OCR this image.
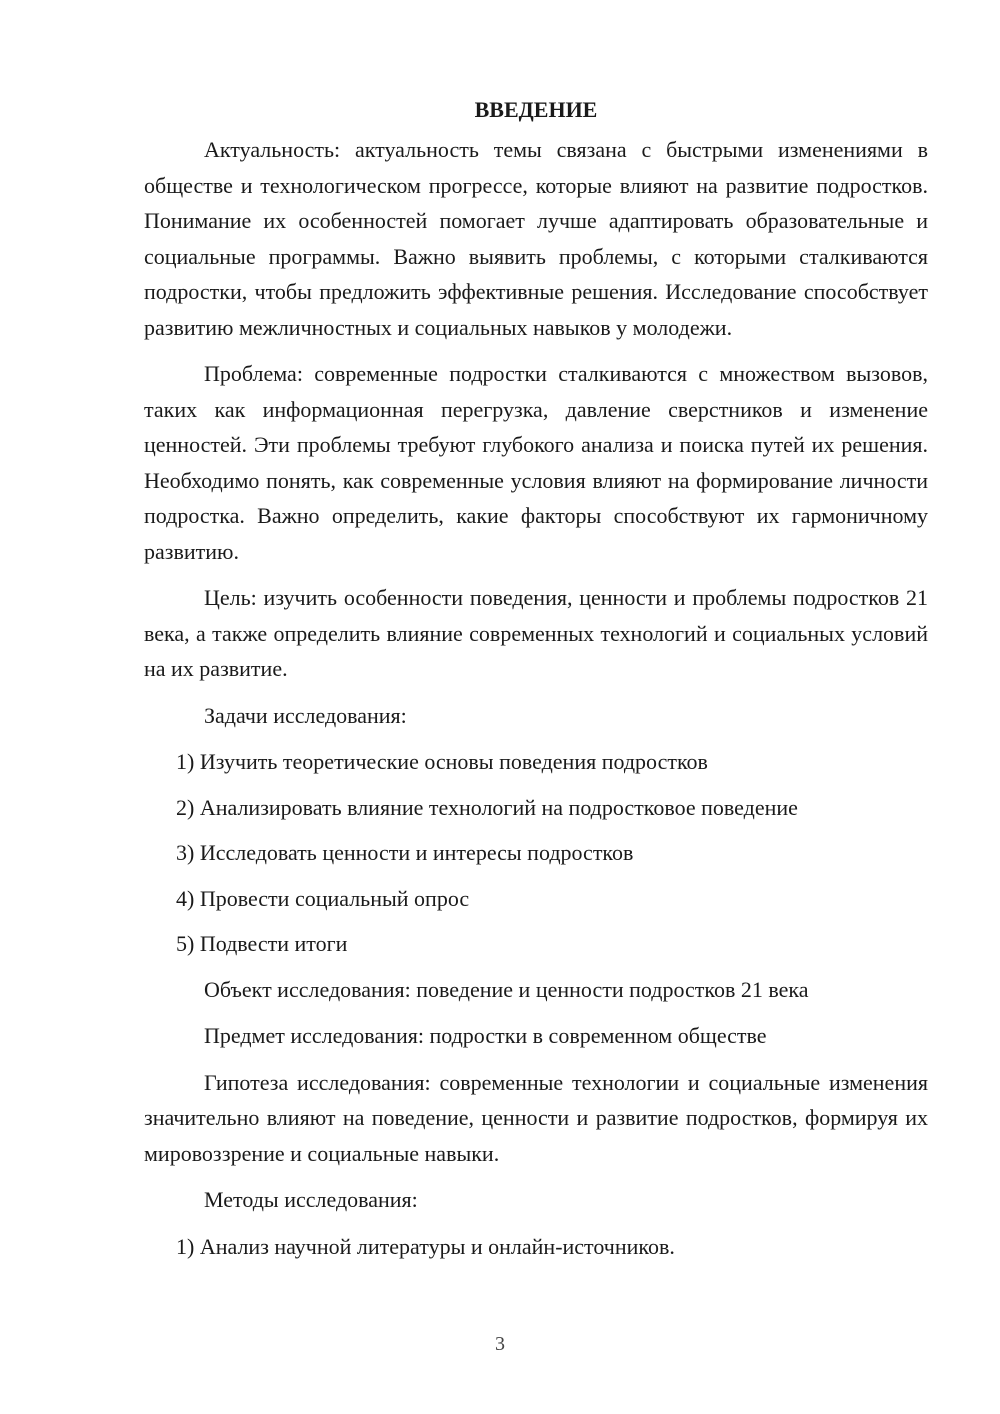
ВВЕДЕНИЕ
Актуальность: актуальность темы связана с быстрыми изменениями в обществе и технологическом прогрессе, которые влияют на развитие подростков. Понимание их особенностей помогает лучше адаптировать образовательные и социальные программы. Важно выявить проблемы, с которыми сталкиваются подростки, чтобы предложить эффективные решения. Исследование способствует развитию межличностных и социальных навыков у молодежи.
Проблема: современные подростки сталкиваются с множеством вызовов, таких как информационная перегрузка, давление сверстников и изменение ценностей. Эти проблемы требуют глубокого анализа и поиска путей их решения. Необходимо понять, как современные условия влияют на формирование личности подростка. Важно определить, какие факторы способствуют их гармоничному развитию.
Цель: изучить особенности поведения, ценности и проблемы подростков 21 века, а также определить влияние современных технологий и социальных условий на их развитие.
Задачи исследования:
1) Изучить теоретические основы поведения подростков
2) Анализировать влияние технологий на подростковое поведение
3) Исследовать ценности и интересы подростков
4) Провести социальный опрос
5) Подвести итоги
Объект исследования: поведение и ценности подростков 21 века
Предмет исследования: подростки в современном обществе
Гипотеза исследования: современные технологии и социальные изменения значительно влияют на поведение, ценности и развитие подростков, формируя их мировоззрение и социальные навыки.
Методы исследования:
1) Анализ научной литературы и онлайн-источников.
3
